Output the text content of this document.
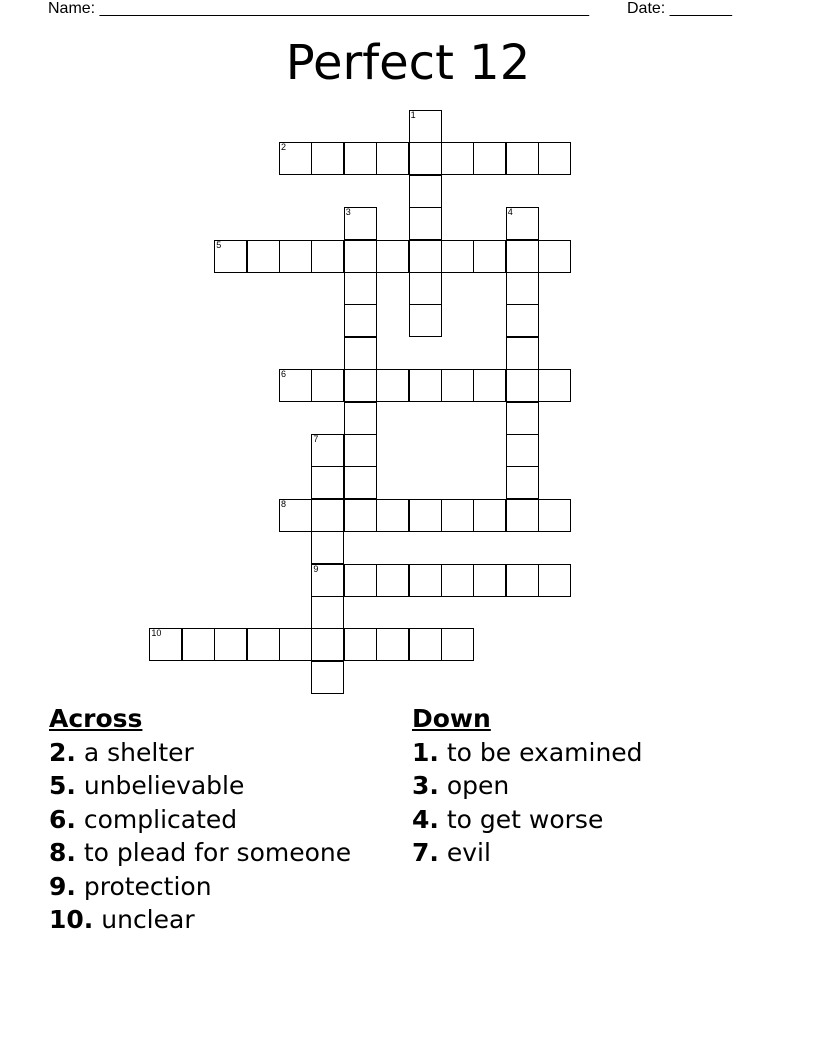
Name: _______________________________________________________ Date: _______
Perfect 12
1
2
3	4
5
6
7
9
8
10
Across
2. a shelter
5. unbelievable
6. complicated
8. to plead for someone
9. protection
10. unclear
Down
1. to be examined
3. open
4. to get worse
7. evil
